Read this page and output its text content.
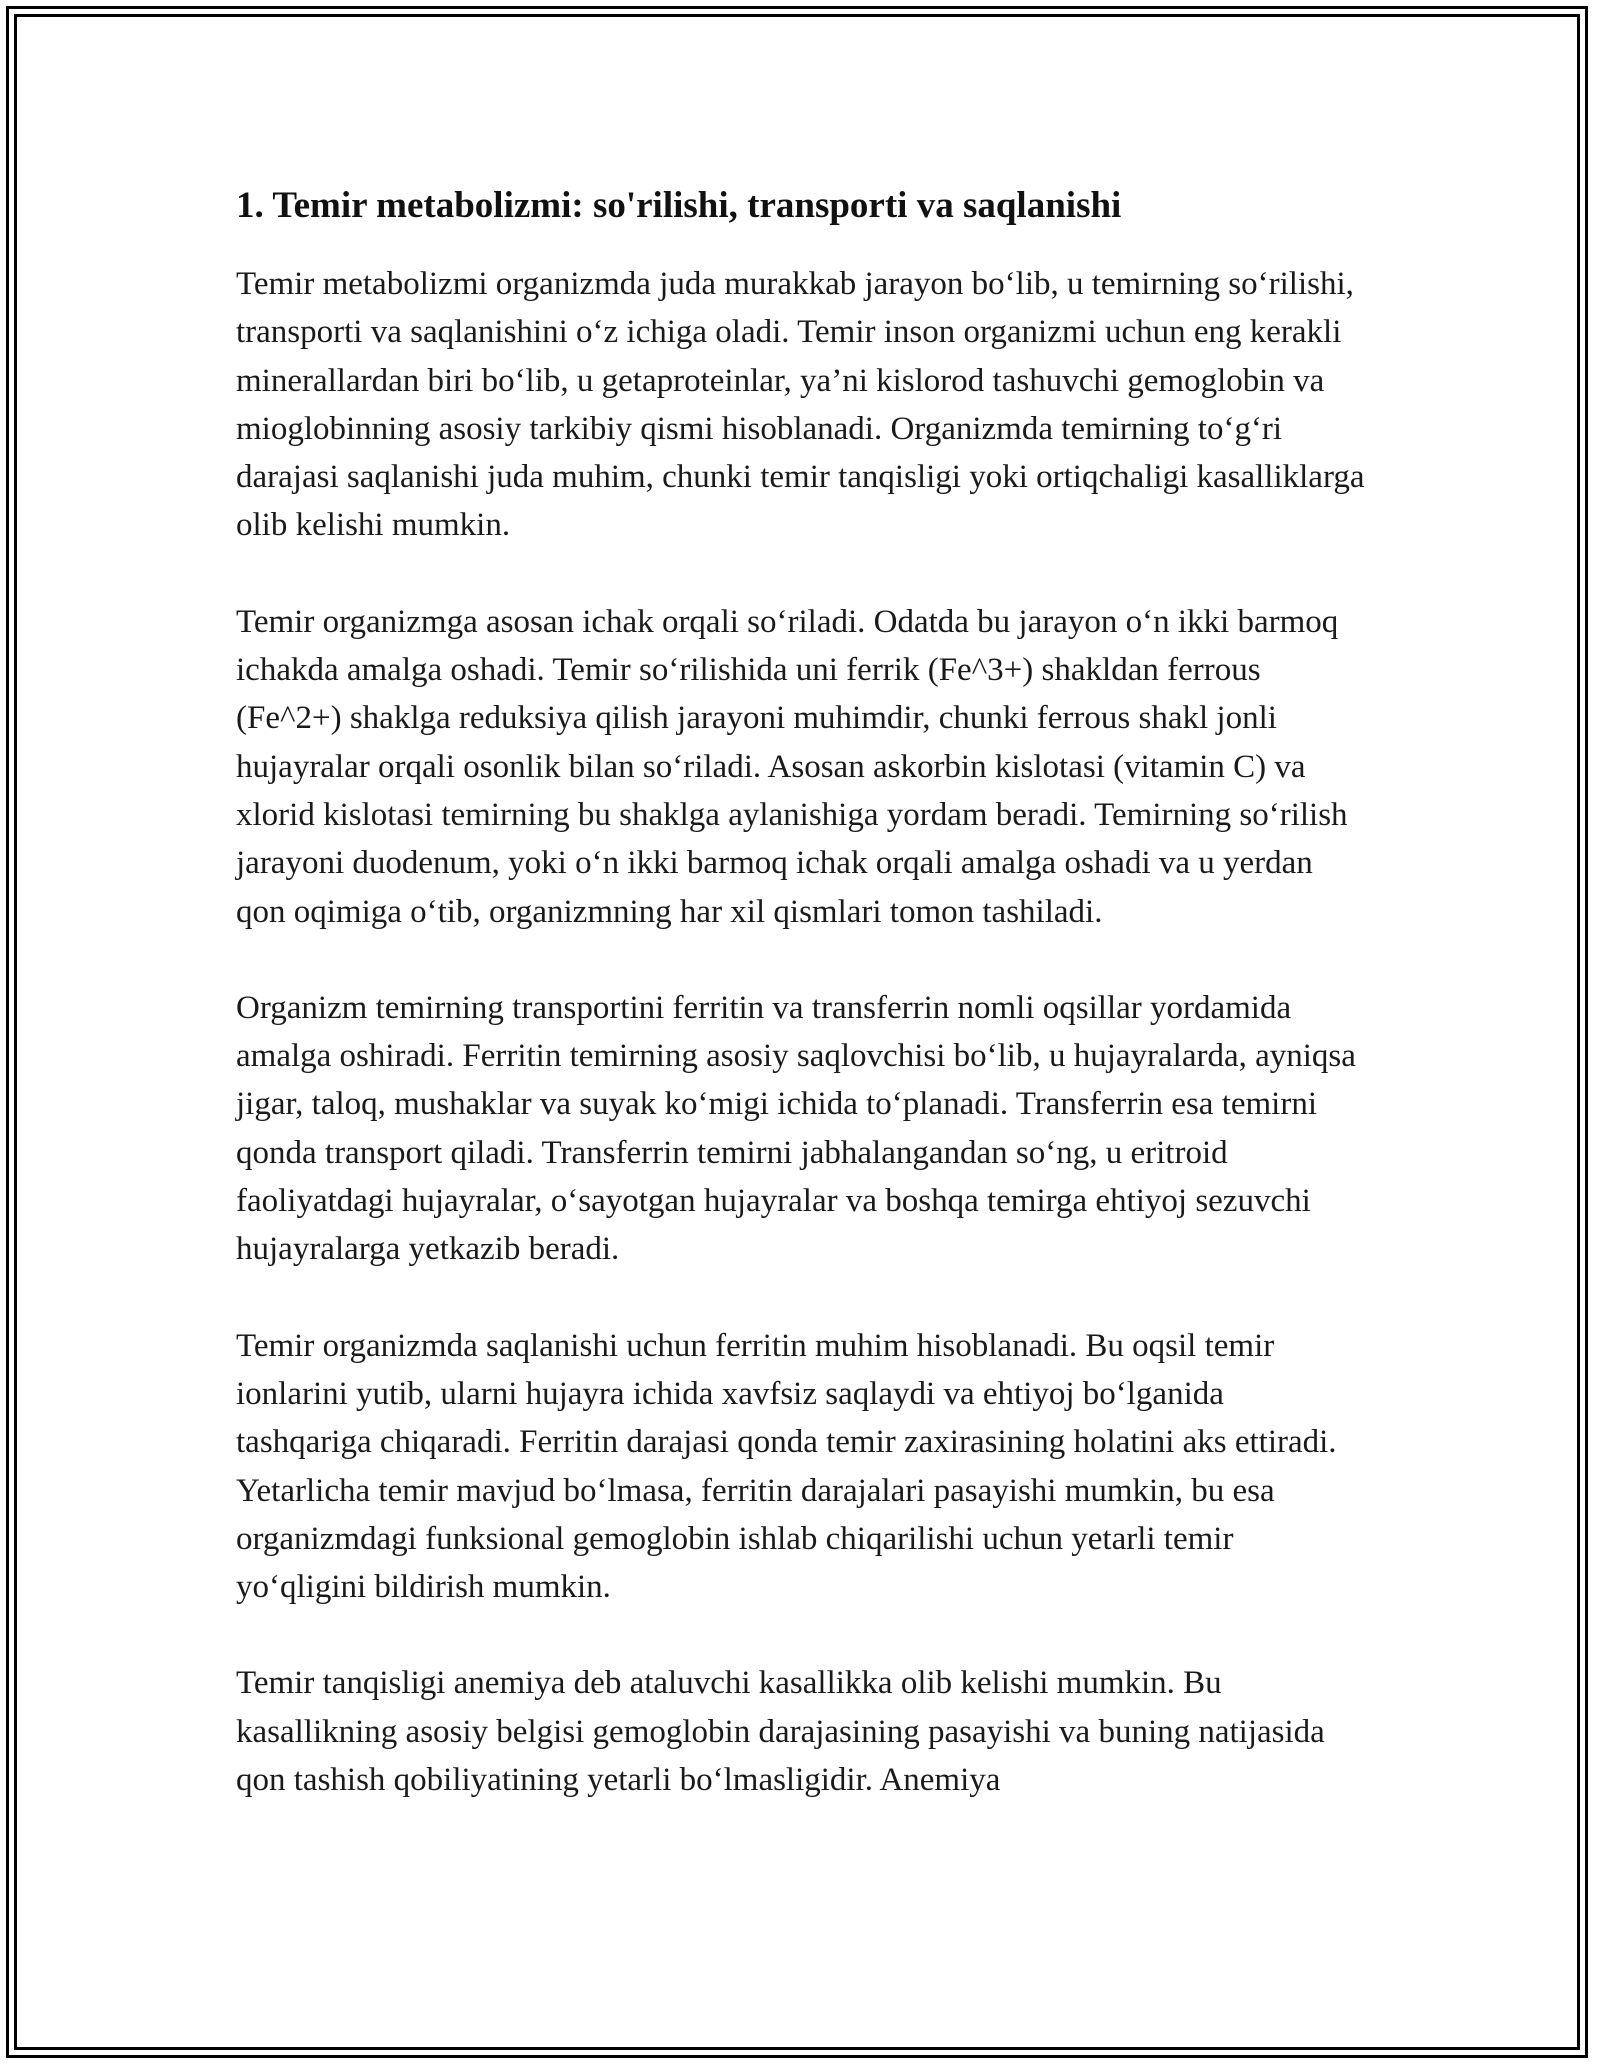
1. Temir metabolizmi: so'rilishi, transporti va saqlanishi

Temir metabolizmi organizmda juda murakkab jarayon bo‘lib, u temirning so‘rilishi, transporti va saqlanishini o‘z ichiga oladi. Temir inson organizmi uchun eng kerakli minerallardan biri bo‘lib, u getaproteinlar, ya’ni kislorod tashuvchi gemoglobin va mioglobinning asosiy tarkibiy qismi hisoblanadi. Organizmda temirning to‘g‘ri darajasi saqlanishi juda muhim, chunki temir tanqisligi yoki ortiqchaligi kasalliklarga olib kelishi mumkin.

Temir organizmga asosan ichak orqali so‘riladi. Odatda bu jarayon o‘n ikki barmoq ichakda amalga oshadi. Temir so‘rilishida uni ferrik (Fe^3+) shakldan ferrous (Fe^2+) shaklga reduksiya qilish jarayoni muhimdir, chunki ferrous shakl jonli hujayralar orqali osonlik bilan so‘riladi. Asosan askorbin kislotasi (vitamin C) va xlorid kislotasi temirning bu shaklga aylanishiga yordam beradi. Temirning so‘rilish jarayoni duodenum, yoki o‘n ikki barmoq ichak orqali amalga oshadi va u yerdan qon oqimiga o‘tib, organizmning har xil qismlari tomon tashiladi.

Organizm temirning transportini ferritin va transferrin nomli oqsillar yordamida amalga oshiradi. Ferritin temirning asosiy saqlovchisi bo‘lib, u hujayralarda, ayniqsa jigar, taloq, mushaklar va suyak ko‘migi ichida to‘planadi. Transferrin esa temirni qonda transport qiladi. Transferrin temirni jabhalangandan so‘ng, u eritroid faoliyatdagi hujayralar, o‘sayotgan hujayralar va boshqa temirga ehtiyoj sezuvchi hujayralarga yetkazib beradi.

Temir organizmda saqlanishi uchun ferritin muhim hisoblanadi. Bu oqsil temir ionlarini yutib, ularni hujayra ichida xavfsiz saqlaydi va ehtiyoj bo‘lganida tashqariga chiqaradi. Ferritin darajasi qonda temir zaxirasining holatini aks ettiradi. Yetarlicha temir mavjud bo‘lmasa, ferritin darajalari pasayishi mumkin, bu esa organizmdagi funksional gemoglobin ishlab chiqarilishi uchun yetarli temir yo‘qligini bildirish mumkin.

Temir tanqisligi anemiya deb ataluvchi kasallikka olib kelishi mumkin. Bu kasallikning asosiy belgisi gemoglobin darajasining pasayishi va buning natijasida qon tashish qobiliyatining yetarli bo‘lmasligidir. Anemiya
